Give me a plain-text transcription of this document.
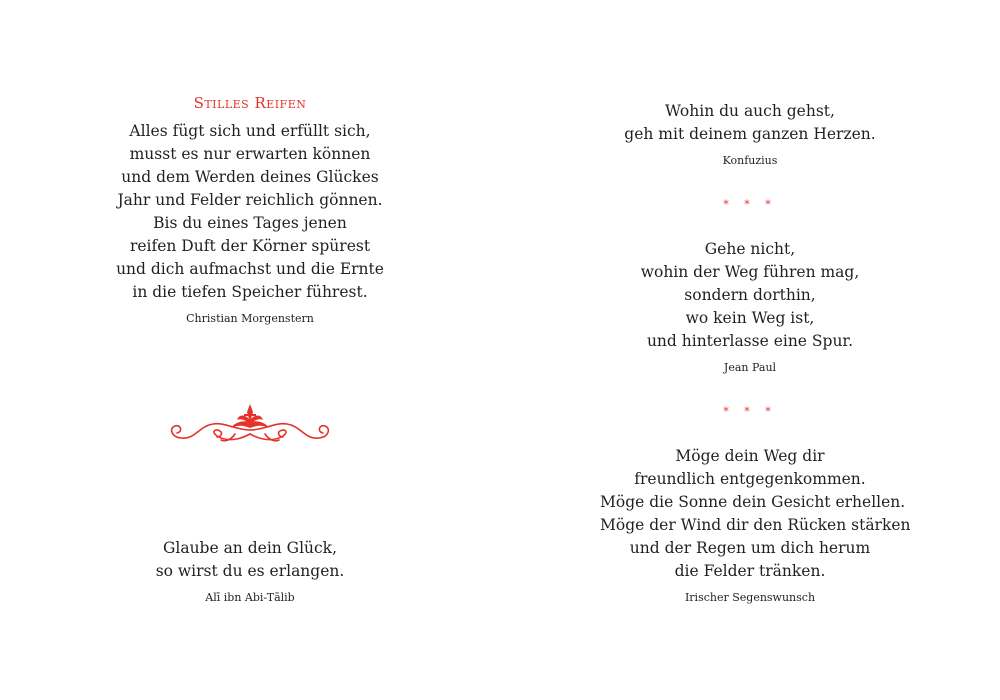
Stilles Reifen

Alles fügt sich und erfüllt sich,
musst es nur erwarten können
und dem Werden deines Glückes
Jahr und Felder reichlich gönnen.
Bis du eines Tages jenen
reifen Duft der Körner spürest
und dich aufmachst und die Ernte
in die tiefen Speicher führest.

Christian Morgenstern

Glaube an dein Glück,
so wirst du es erlangen.

Alī ibn Abi-Tālib

Wohin du auch gehst,
geh mit deinem ganzen Herzen.

Konfuzius
* * *

Gehe nicht,
wohin der Weg führen mag,
sondern dorthin,
wo kein Weg ist,
und hinterlasse eine Spur.

Jean Paul
* * *

Möge dein Weg dir
freundlich entgegenkommen.
Möge die Sonne dein Gesicht erhellen.
Möge der Wind dir den Rücken stärken
und der Regen um dich herum
die Felder tränken.

Irischer Segenswunsch
